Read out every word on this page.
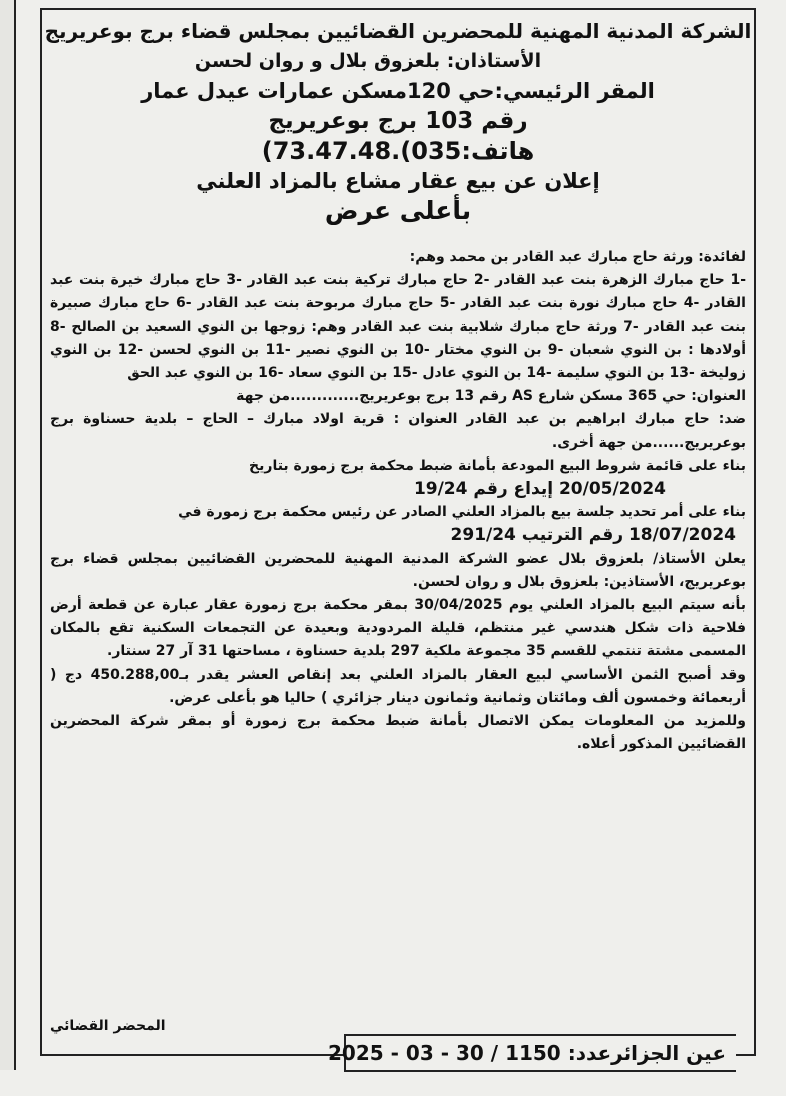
الشركة المدنية المهنية للمحضرين القضائيين بمجلس قضاء برج بوعريريج
الأستاذان: بلعزوق بلال و روان لحسن
المقر الرئيسي:حي 120مسكن عمارات عيدل عمار
رقم 103 برج بوعريريج
هاتف:035).73.47.48)
إعلان عن بيع عقار مشاع بالمزاد العلني
بأعلى عرض

لفائدة: ورثة حاج مبارك عبد القادر بن محمد وهم:

-1 حاج مبارك الزهرة بنت عبد القادر -2 حاج مبارك تركية بنت عبد القادر -3 حاج مبارك خيرة بنت عبد القادر -4 حاج مبارك نورة بنت عبد القادر -5 حاج مبارك مربوحة بنت عبد القادر -6 حاج مبارك صبيرة بنت عبد القادر -7 ورثة حاج مبارك شلابية بنت عبد القادر وهم: زوجها بن النوي السعيد بن الصالح -8 أولادها : بن النوي شعبان -9 بن النوي مختار -10 بن النوي نصير -11 بن النوي لحسن -12 بن النوي زوليخة -13 بن النوي سليمة -14 بن النوي عادل -15 بن النوي سعاد -16 بن النوي عبد الحق

العنوان: حي 365 مسكن شارع AS رقم 13 برج بوعريريج.............من جهة

ضد: حاج مبارك ابراهيم بن عبد القادر العنوان : قرية اولاد مبارك – الحاج – بلدية حسناوة برج بوعريريج......من جهة أخرى.

بناء على قائمة شروط البيع المودعة بأمانة ضبط محكمة برج زمورة بتاريخ

20/05/2024 إيداع رقم 19/24

بناء على أمر تحديد جلسة بيع بالمزاد العلني الصادر عن رئيس محكمة برج زمورة في

18/07/2024 رقم الترتيب 291/24

يعلن الأستاذ/ بلعزوق بلال عضو الشركة المدنية المهنية للمحضرين القضائيين بمجلس قضاء برج بوعريريج، الأستاذين: بلعزوق بلال و روان لحسن.

بأنه سيتم البيع بالمزاد العلني يوم 30/04/2025 بمقر محكمة برج زمورة عقار عبارة عن قطعة أرض فلاحية ذات شكل هندسي غير منتظم، قليلة المردودية وبعيدة عن التجمعات السكنية تقع بالمكان المسمى مشتة تنتمي للقسم 35 مجموعة ملكية 297 بلدية حسناوة ، مساحتها 31 آر 27 سنتار.

وقد أصبح الثمن الأساسي لبيع العقار بالمزاد العلني بعد إنقاص العشر يقدر بـ450.288,00 دج ( أربعمائة وخمسون ألف ومائتان وثمانية وثمانون دينار جزائري ) حاليا هو بأعلى عرض.

وللمزيد من المعلومات يمكن الاتصال بأمانة ضبط محكمة برج زمورة أو بمقر شركة المحضرين القضائيين المذكور أعلاه.

المحضر القضائي
عين الجزائرعدد: 1150 / 30 - 03 - 2025
